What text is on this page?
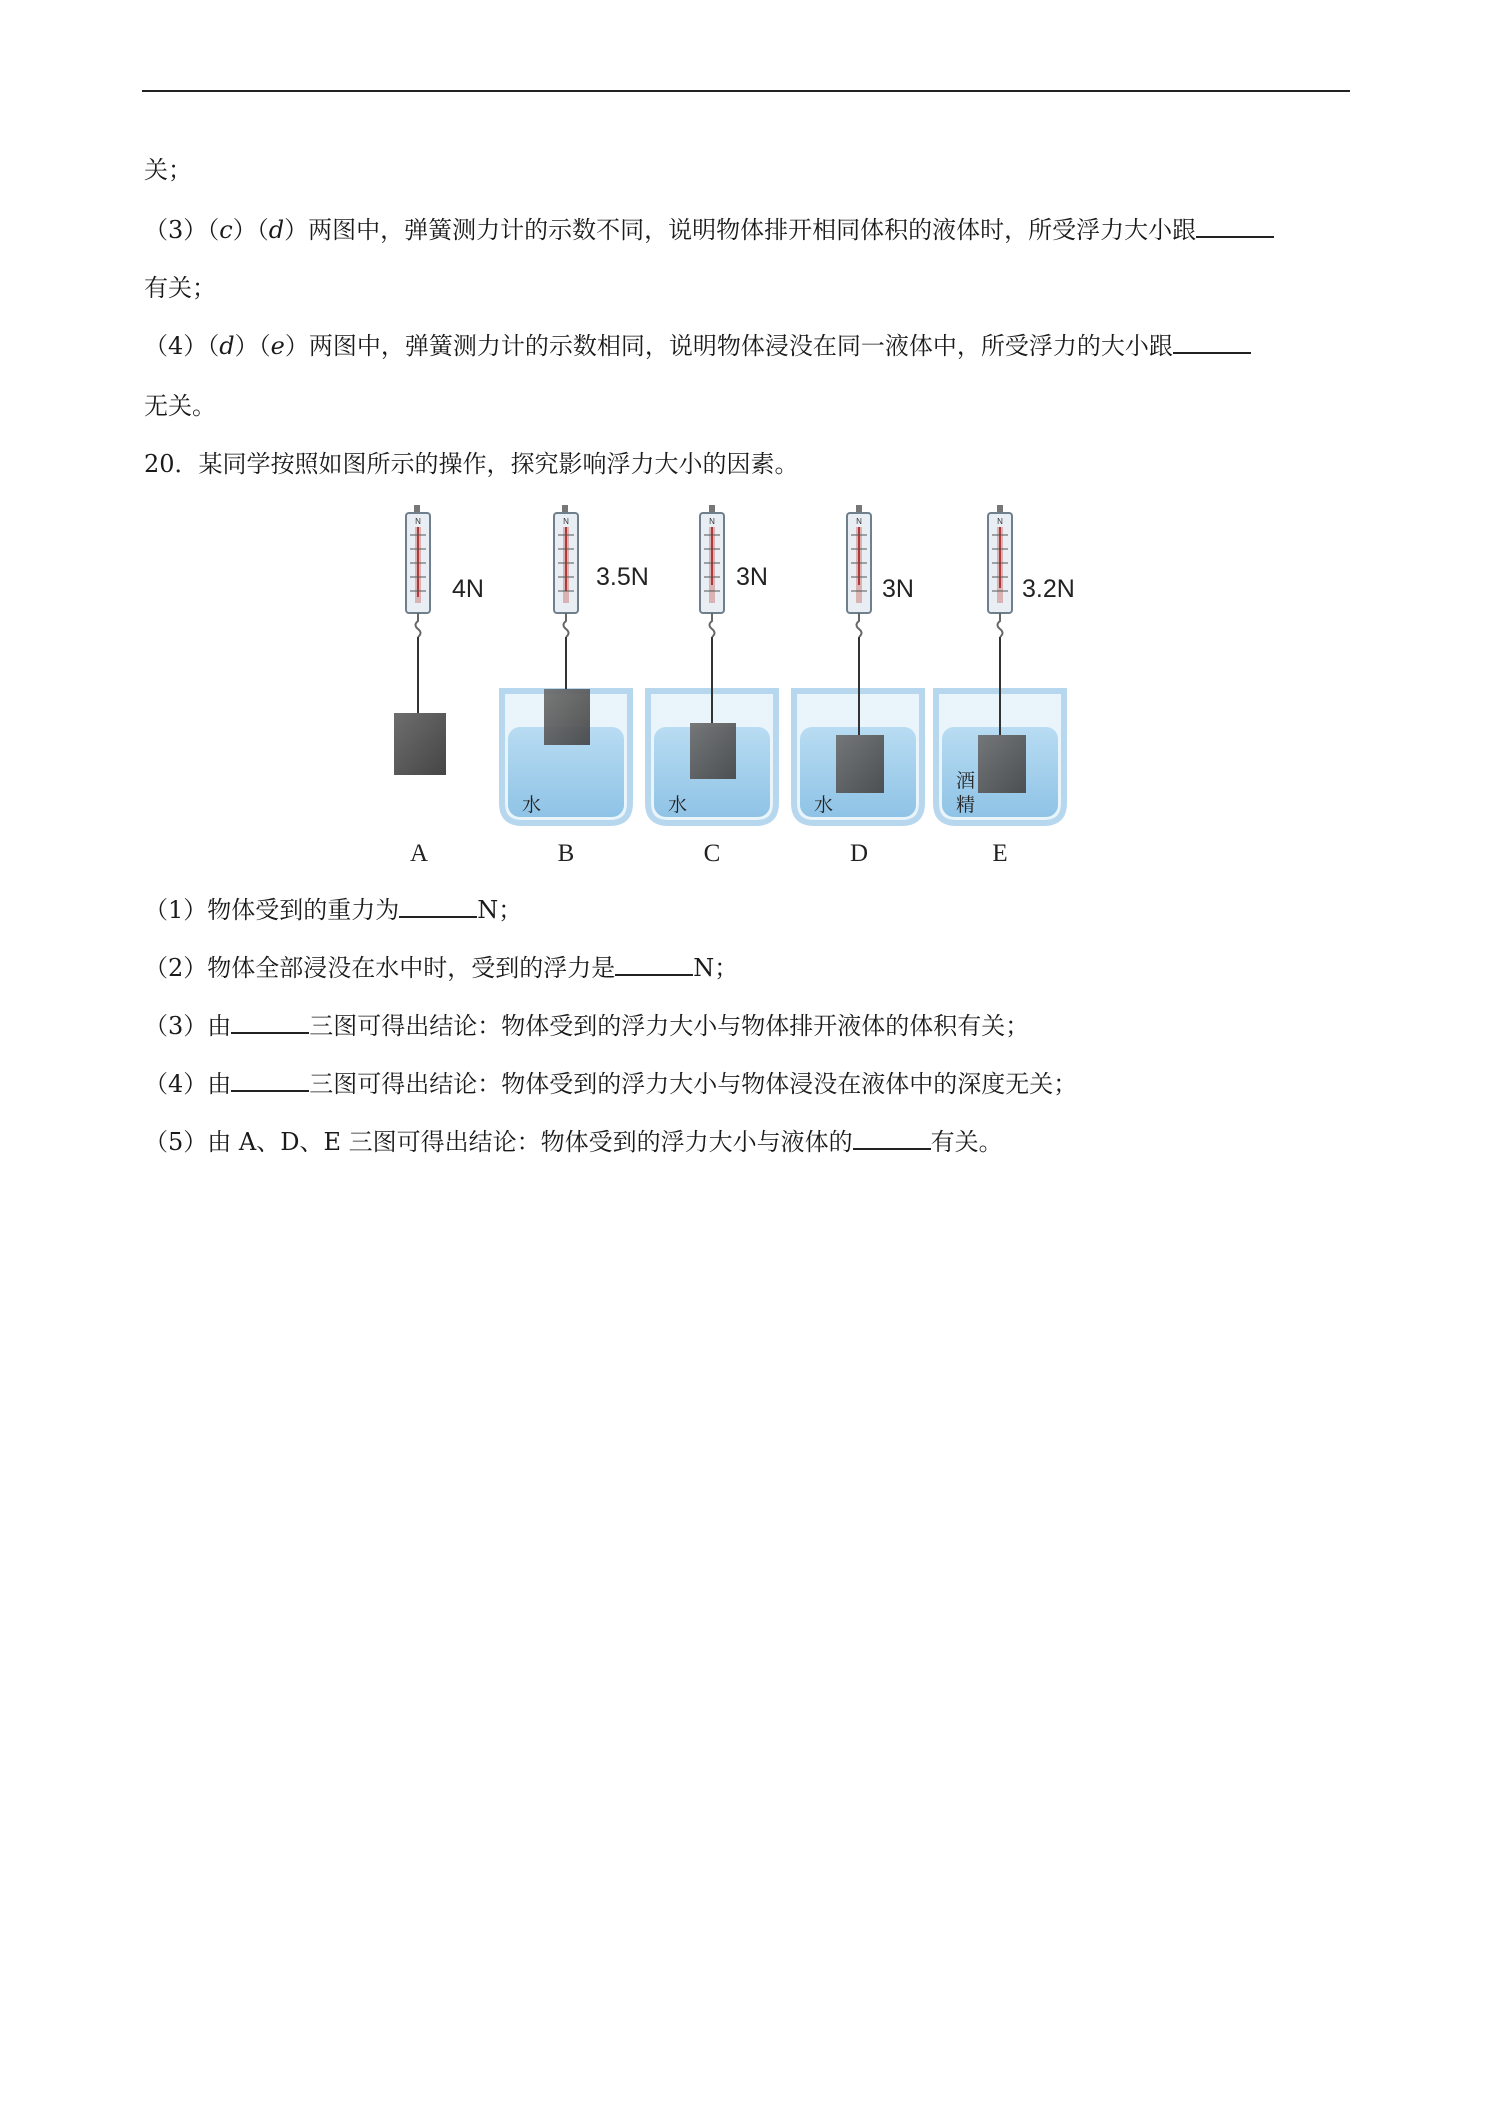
关；
（3）（c）（d）两图中，弹簧测力计的示数不同，说明物体排开相同体积的液体时，所受浮力大小跟
有关；
（4）（d）（e）两图中，弹簧测力计的示数相同，说明物体浸没在同一液体中，所受浮力的大小跟
无关。
20．某同学按照如图所示的操作，探究影响浮力大小的因素。
N
4N
A
N
3.5N
水
B
N
3N
水
C
N
3N
水
D
N
3.2N
酒
精
E
（1）物体受到的重力为	N；
（2）物体全部浸没在水中时，受到的浮力是	N；
（3）由	三图可得出结论：物体受到的浮力大小与物体排开液体的体积有关；
（4）由	三图可得出结论：物体受到的浮力大小与物体浸没在液体中的深度无关；
（5）由 A、D、E 三图可得出结论：物体受到的浮力大小与液体的	有关。
